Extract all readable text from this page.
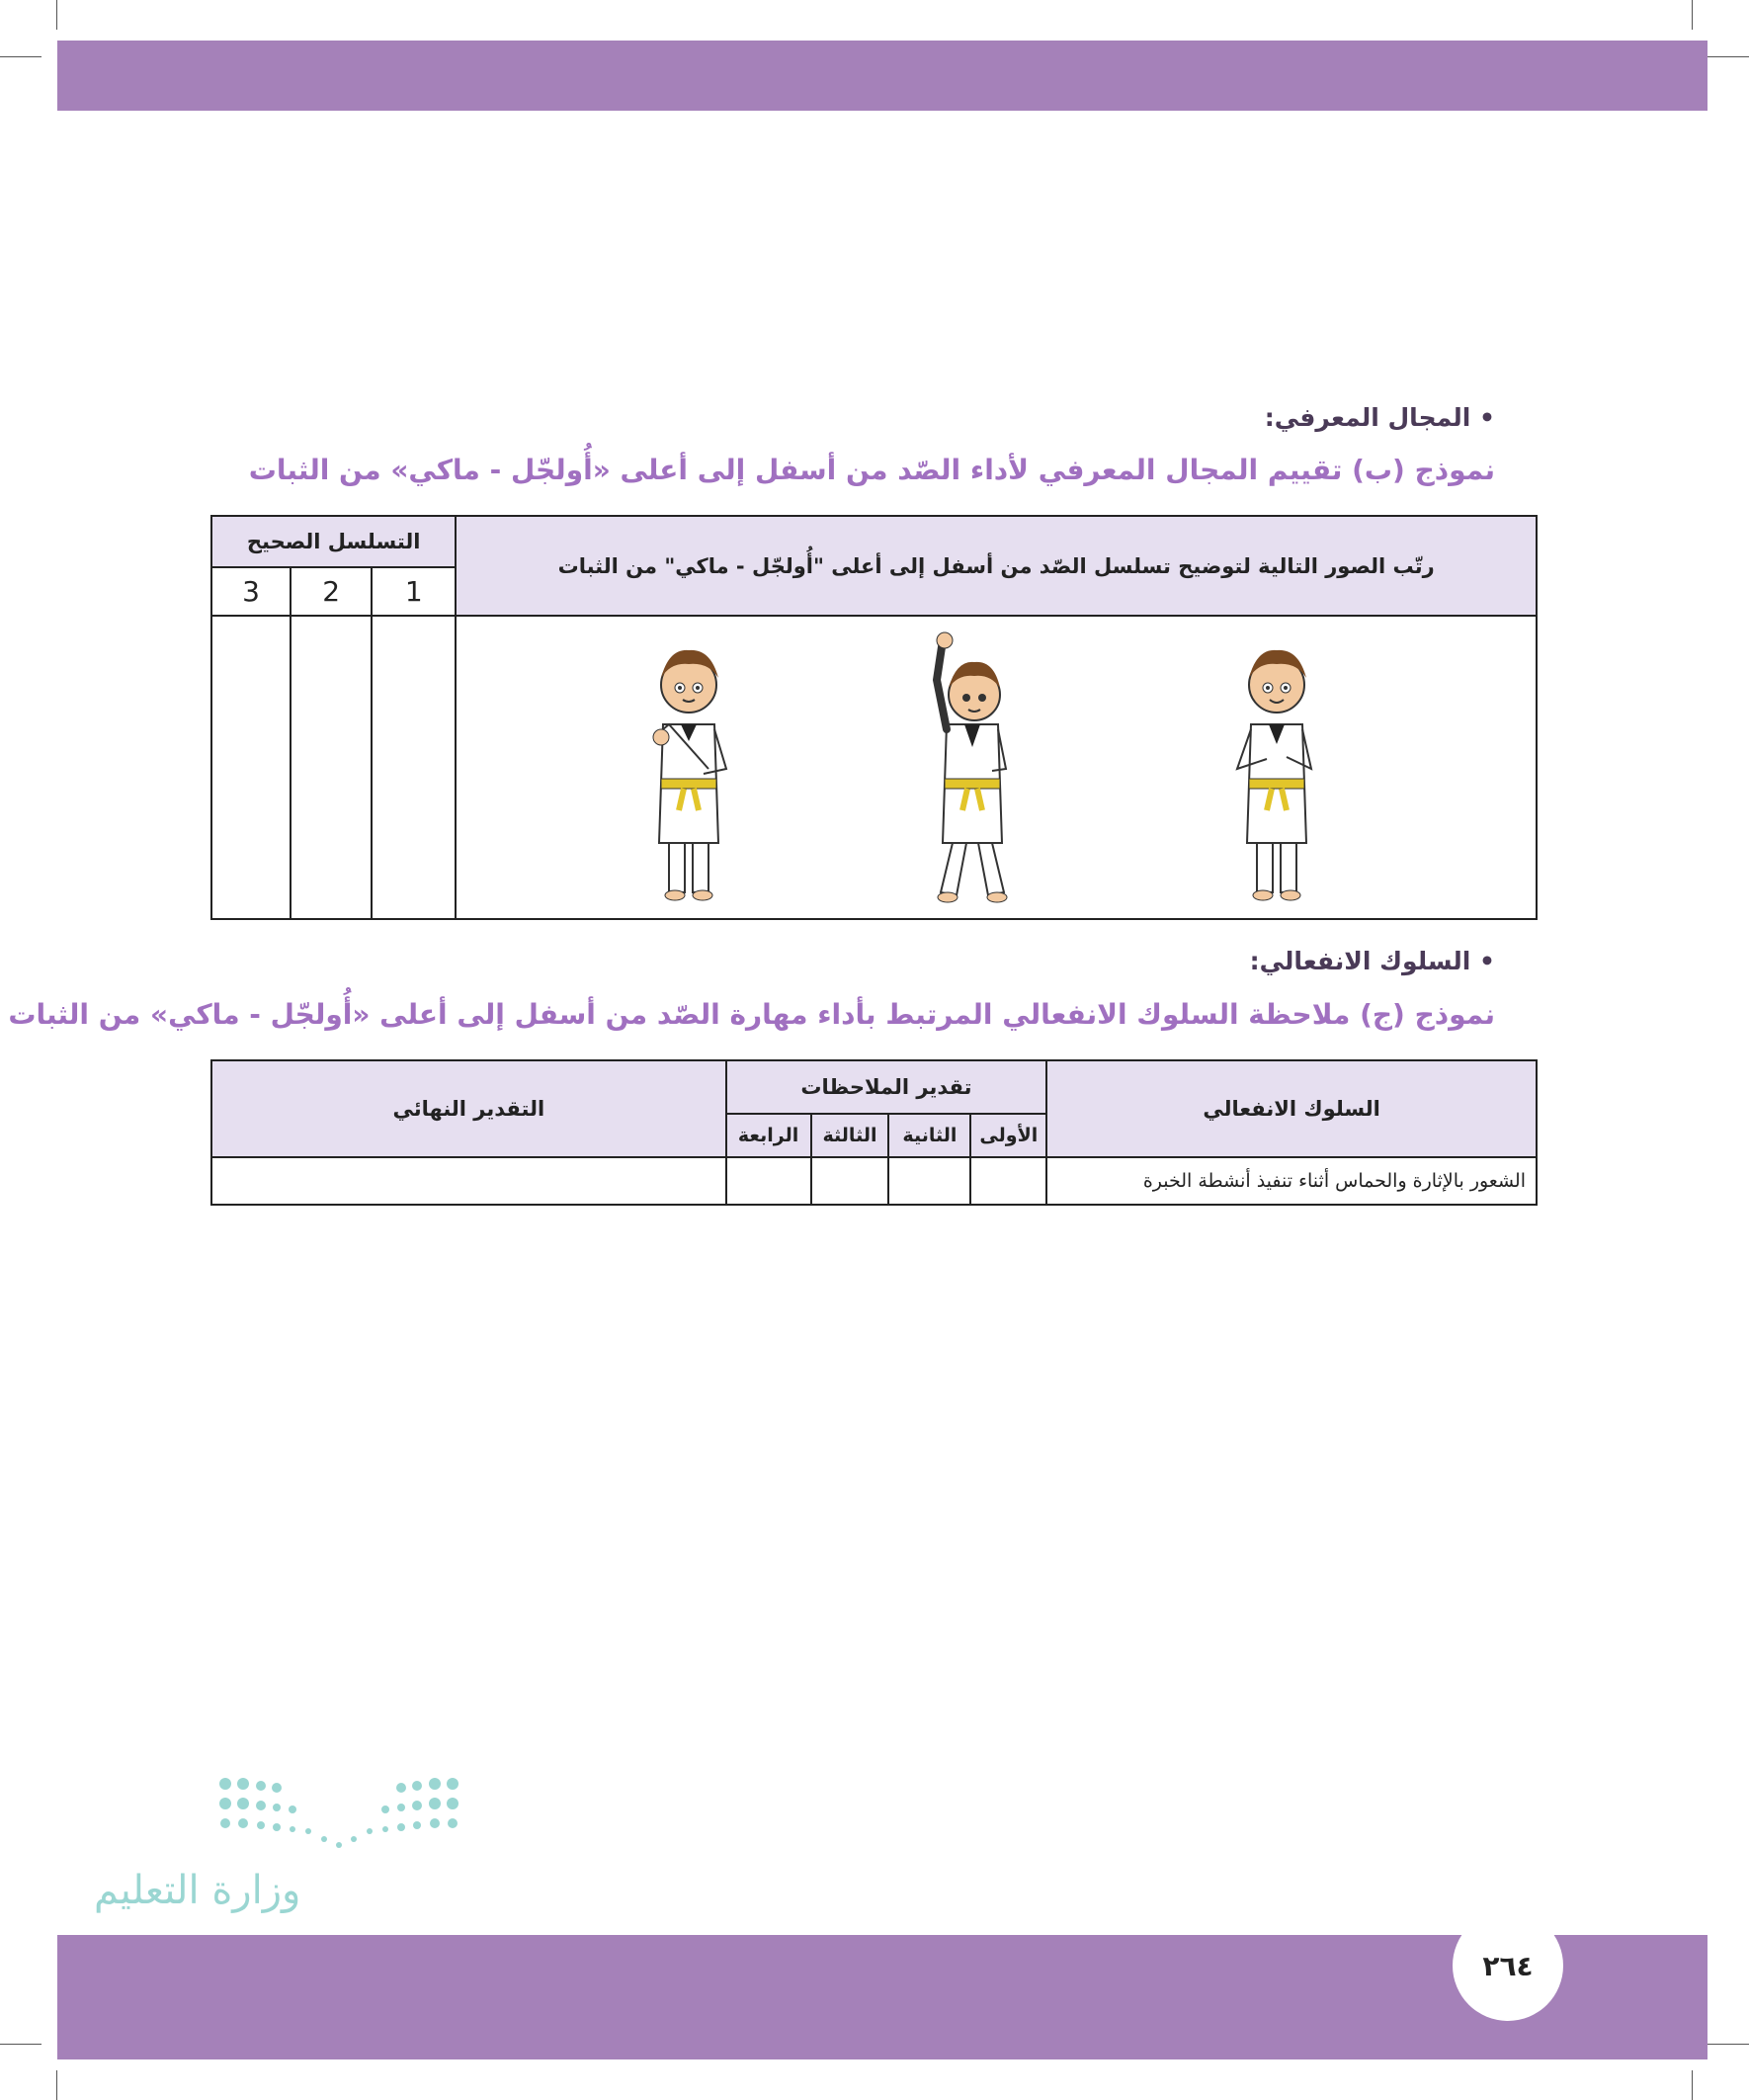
• المجال المعرفي:
نموذج (ب) تقييم المجال المعرفي لأداء الصّد من أسفل إلى أعلى «أُولجّل - ماكي» من الثبات
رتّب الصور التالية لتوضيح تسلسل الصّد من أسفل إلى أعلى "أُولجّل - ماكي" من الثبات	التسلسل الصحيح		
	1	2	3

• السلوك الانفعالي:
نموذج (ج) ملاحظة السلوك الانفعالي المرتبط بأداء مهارة الصّد من أسفل إلى أعلى «أُولجّل - ماكي» من الثبات
السلوك الانفعالي	تقدير الملاحظات				التقدير النهائي
	الأولى	الثانية	الثالثة	الرابعة	
الشعور بالإثارة والحماس أثناء تنفيذ أنشطة الخبرة					
وزارة التعليم
٢٦٤
